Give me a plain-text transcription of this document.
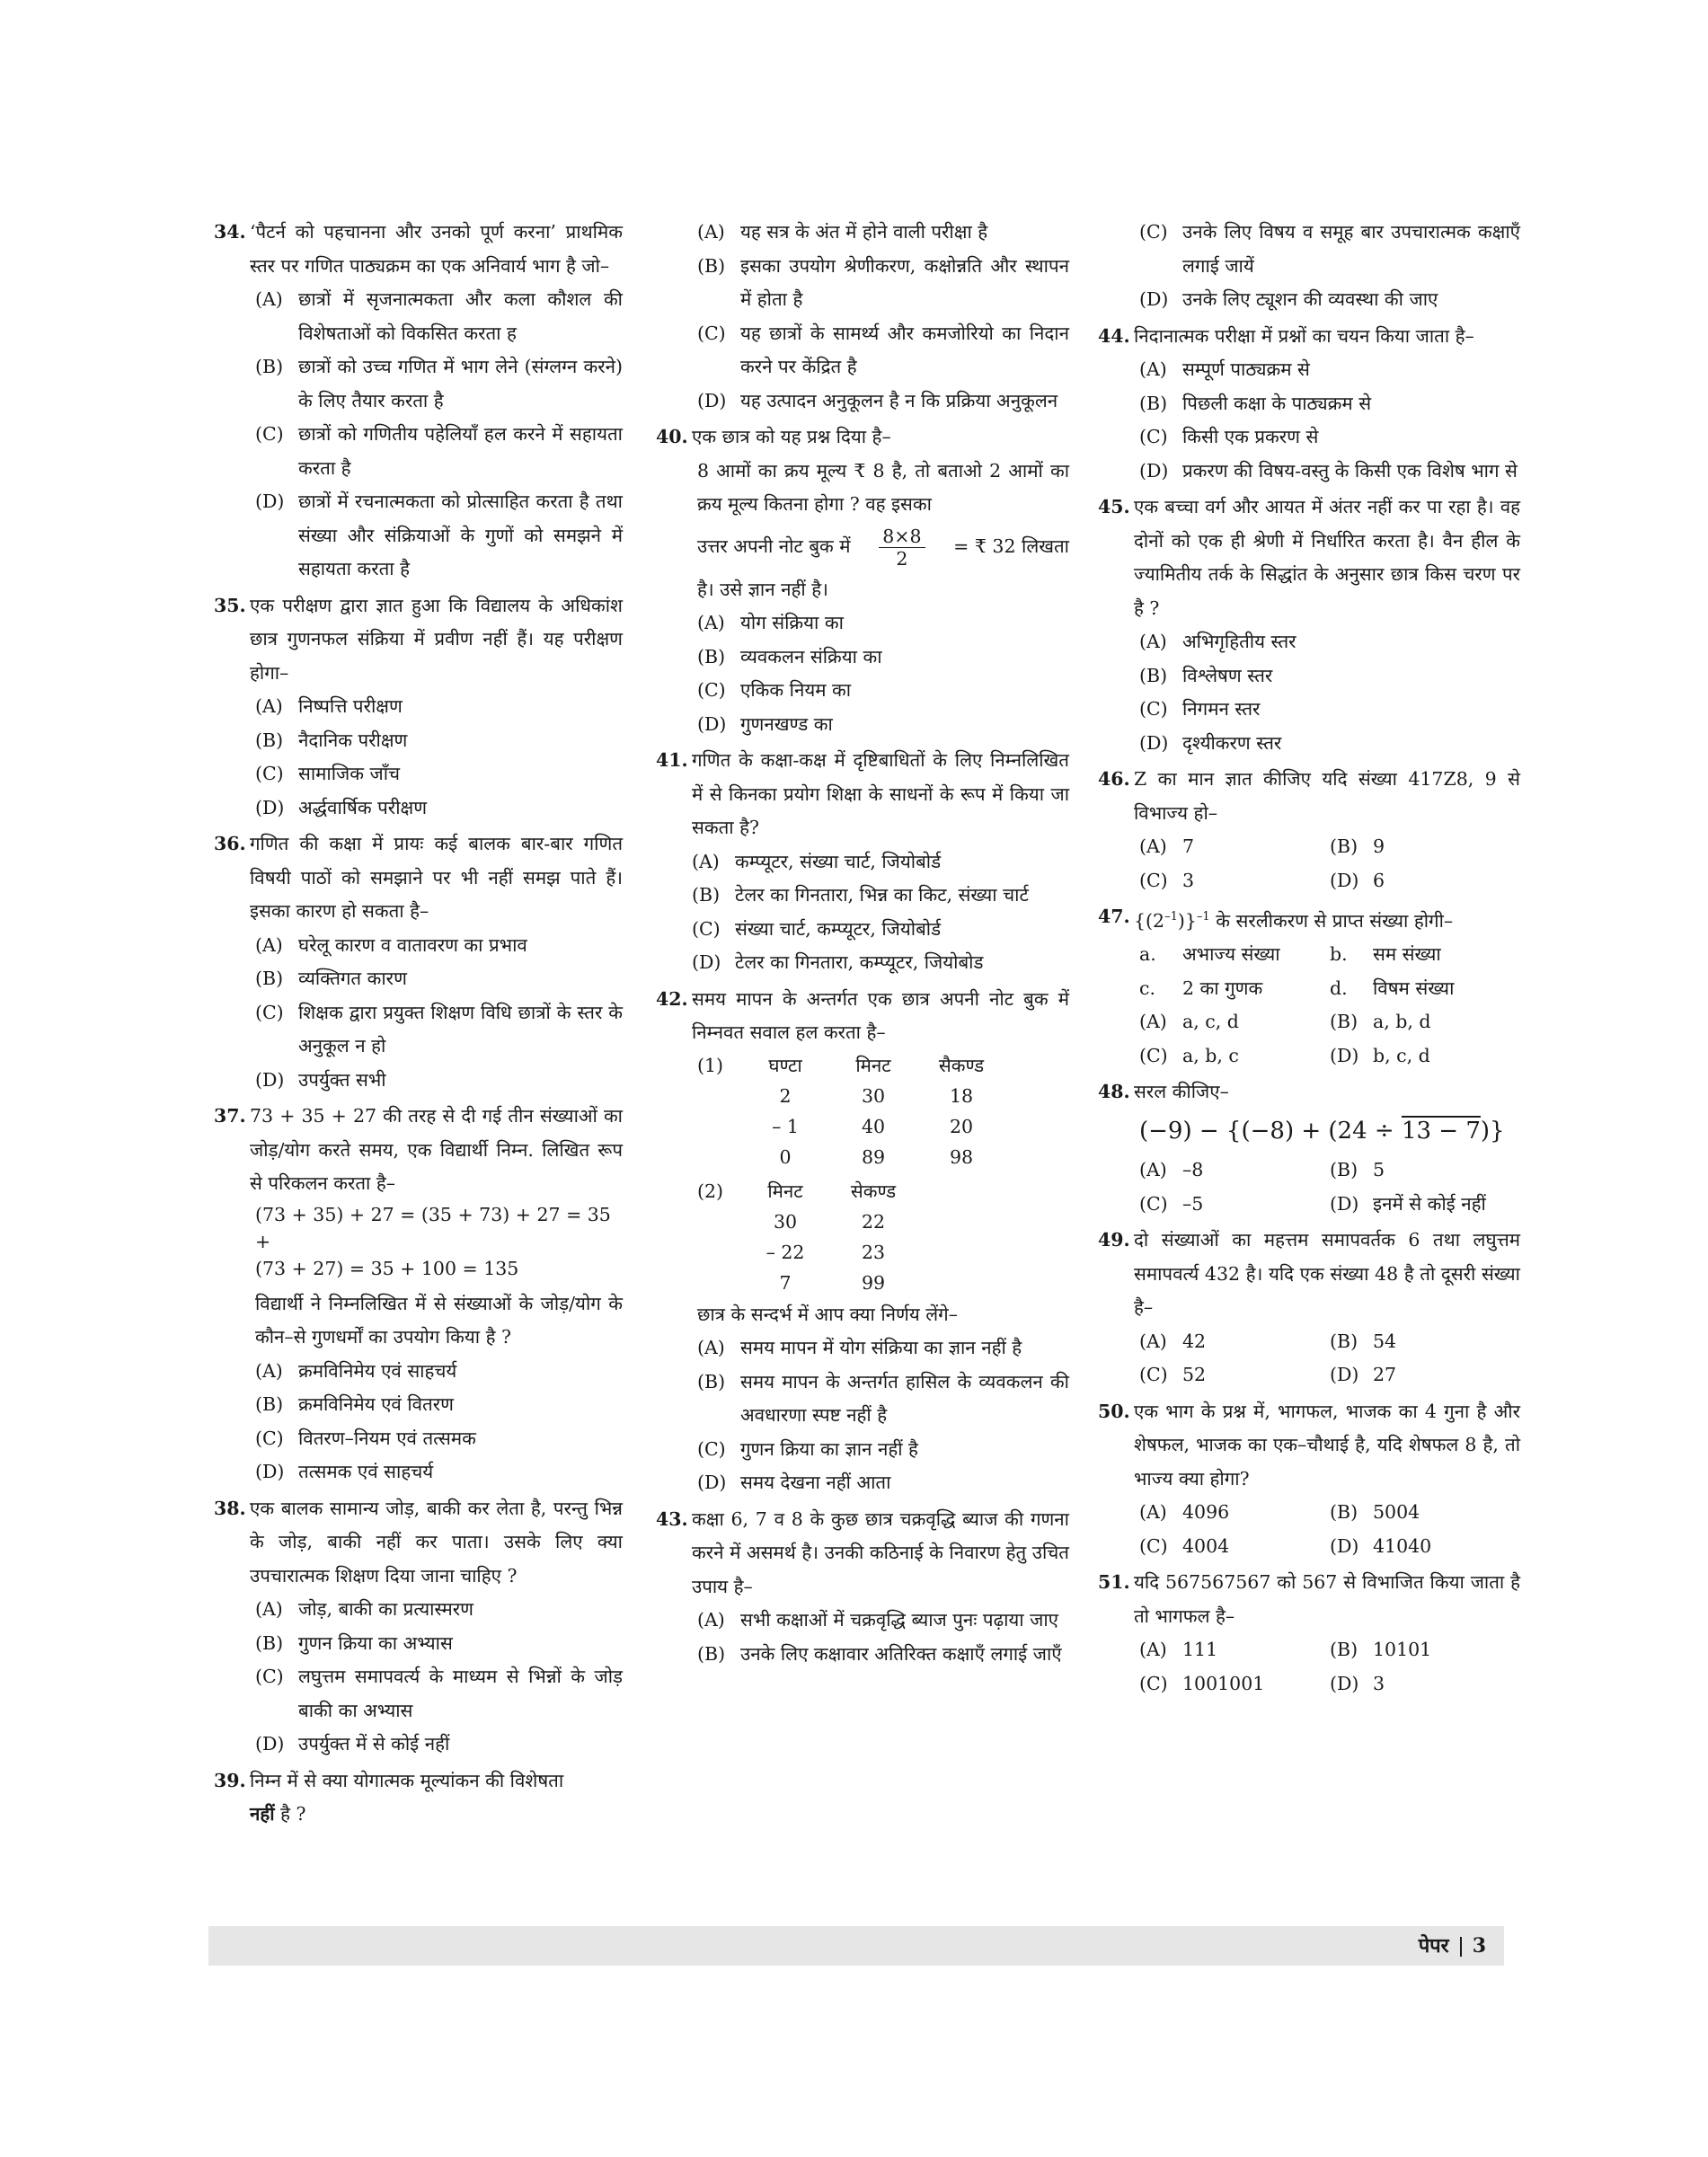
34. ‘पैटर्न को पहचानना और उनको पूर्ण करना’ प्राथमिक स्तर पर गणित पाठ्यक्रम का एक अनिवार्य भाग है जो–
(A) छात्रों में सृजनात्मकता और कला कौशल की विशेषताओं को विकसित करता ह
(B) छात्रों को उच्च गणित में भाग लेने (संग्लग्न करने) के लिए तैयार करता है
(C) छात्रों को गणितीय पहेलियाँ हल करने में सहायता करता है
(D) छात्रों में रचनात्मकता को प्रोत्साहित करता है तथा संख्या और संक्रियाओं के गुणों को समझने में सहायता करता है
35. एक परीक्षण द्वारा ज्ञात हुआ कि विद्यालय के अधिकांश छात्र गुणनफल संक्रिया में प्रवीण नहीं हैं। यह परीक्षण होगा–
(A) निष्पत्ति परीक्षण
(B) नैदानिक परीक्षण
(C) सामाजिक जाँच
(D) अर्द्धवार्षिक परीक्षण
36. गणित की कक्षा में प्रायः कई बालक बार-बार गणित विषयी पाठों को समझाने पर भी नहीं समझ पाते हैं। इसका कारण हो सकता है–
(A) घरेलू कारण व वातावरण का प्रभाव
(B) व्यक्तिगत कारण
(C) शिक्षक द्वारा प्रयुक्त शिक्षण विधि छात्रों के स्तर के अनुकूल न हो
(D) उपर्युक्त सभी
37. 73 + 35 + 27 की तरह से दी गई तीन संख्याओं का जोड़/योग करते समय, एक विद्यार्थी निम्न. लिखित रूप से परिकलन करता है–
(73 + 35) + 27 = (35 + 73) + 27 = 35 +
(73 + 27) = 35 + 100 = 135
विद्यार्थी ने निम्नलिखित में से संख्याओं के जोड़/योग के कौन–से गुणधर्मों का उपयोग किया है ?
(A) क्रमविनिमेय एवं साहचर्य
(B) क्रमविनिमेय एवं वितरण
(C) वितरण–नियम एवं तत्समक
(D) तत्समक एवं साहचर्य
38. एक बालक सामान्य जोड़, बाकी कर लेता है, परन्तु भिन्न के जोड़, बाकी नहीं कर पाता। उसके लिए क्या उपचारात्मक शिक्षण दिया जाना चाहिए ?
(A) जोड़, बाकी का प्रत्यास्मरण
(B) गुणन क्रिया का अभ्यास
(C) लघुत्तम समापवर्त्य के माध्यम से भिन्नों के जोड़ बाकी का अभ्यास
(D) उपर्युक्त में से कोई नहीं
39. निम्न में से क्या योगात्मक मूल्यांकन की विशेषता
नहीं है ?
(A) यह सत्र के अंत में होने वाली परीक्षा है
(B) इसका उपयोग श्रेणीकरण, कक्षोन्नति और स्थापन में होता है
(C) यह छात्रों के सामर्थ्य और कमजोरियो का निदान करने पर केंद्रित है
(D) यह उत्पादन अनुकूलन है न कि प्रक्रिया अनुकूलन
40. एक छात्र को यह प्रश्न दिया है–
8 आमों का क्रय मूल्य ₹ 8 है, तो बताओ 2 आमों का क्रय मूल्य कितना होगा ? वह इसका
उत्तर अपनी नोट बुक में $\frac{8\times 8}{2}$ = ₹ 32 लिखता
है। उसे ज्ञान नहीं है।
(A) योग संक्रिया का
(B) व्यवकलन संक्रिया का
(C) एकिक नियम का
(D) गुणनखण्ड का
41. गणित के कक्षा-कक्ष में दृष्टिबाधितों के लिए निम्नलिखित में से किनका प्रयोग शिक्षा के साधनों के रूप में किया जा सकता है?
(A) कम्प्यूटर, संख्या चार्ट, जियोबोर्ड
(B) टेलर का गिनतारा, भिन्न का किट, संख्या चार्ट
(C) संख्या चार्ट, कम्प्यूटर, जियोबोर्ड
(D) टेलर का गिनतारा, कम्प्यूटर, जियोबोड
42. समय मापन के अन्तर्गत एक छात्र अपनी नोट बुक में निम्नवत सवाल हल करता है–
(1)	घण्टा	मिनट	सैकण्ड
	2	30	18
	– 1	40	20
	0	89	98
(2)	मिनट	सेकण्ड
	30	22
	– 22	23
	7	99
छात्र के सन्दर्भ में आप क्या निर्णय लेंगे–
(A) समय मापन में योग संक्रिया का ज्ञान नहीं है
(B) समय मापन के अन्तर्गत हासिल के व्यवकलन की अवधारणा स्पष्ट नहीं है
(C) गुणन क्रिया का ज्ञान नहीं है
(D) समय देखना नहीं आता
43. कक्षा 6, 7 व 8 के कुछ छात्र चक्रवृद्धि ब्याज की गणना करने में असमर्थ है। उनकी कठिनाई के निवारण हेतु उचित उपाय है–
(A) सभी कक्षाओं में चक्रवृद्धि ब्याज पुनः पढ़ाया जाए
(B) उनके लिए कक्षावार अतिरिक्त कक्षाएँ लगाई जाएँ
(C) उनके लिए विषय व समूह बार उपचारात्मक कक्षाएँ लगाई जायें
(D) उनके लिए ट्यूशन की व्यवस्था की जाए
44. निदानात्मक परीक्षा में प्रश्नों का चयन किया जाता है–
(A) सम्पूर्ण पाठ्यक्रम से
(B) पिछली कक्षा के पाठ्यक्रम से
(C) किसी एक प्रकरण से
(D) प्रकरण की विषय-वस्तु के किसी एक विशेष भाग से
45. एक बच्चा वर्ग और आयत में अंतर नहीं कर पा रहा है। वह दोनों को एक ही श्रेणी में निर्धारित करता है। वैन हील के ज्यामितीय तर्क के सिद्धांत के अनुसार छात्र किस चरण पर है ?
(A) अभिगृहितीय स्तर
(B) विश्लेषण स्तर
(C) निगमन स्तर
(D) दृश्यीकरण स्तर
46. Z का मान ज्ञात कीजिए यदि संख्या 417Z8, 9 से विभाज्य हो–
(A) 7	(B) 9
(C) 3	(D) 6
47. $\{(2^{-1})\}^{-1}$ के सरलीकरण से प्राप्त संख्या होगी–
a.	अभाज्य संख्या	b.	सम संख्या
c.	2 का गुणक	d.	विषम संख्या
(A) a, c, d	(B) a, b, d
(C) a, b, c	(D) b, c, d
48. सरल कीजिए–
(−9) − {(−8) + (24 ÷ 13 − 7)}
(A) –8	(B) 5
(C) –5	(D) इनमें से कोई नहीं
49. दो संख्याओं का महत्तम समापवर्तक 6 तथा लघुत्तम समापवर्त्य 432 है। यदि एक संख्या 48 है तो दूसरी संख्या है–
(A) 42	(B) 54
(C) 52	(D) 27
50. एक भाग के प्रश्न में, भागफल, भाजक का 4 गुना है और शेषफल, भाजक का एक–चौथाई है, यदि शेषफल 8 है, तो भाज्य क्या होगा?
(A) 4096	(B) 5004
(C) 4004	(D) 41040
51. यदि 567567567 को 567 से विभाजित किया जाता है तो भागफल है–
(A) 111	(B) 10101
(C) 1001001	(D) 3
पेपर 3
